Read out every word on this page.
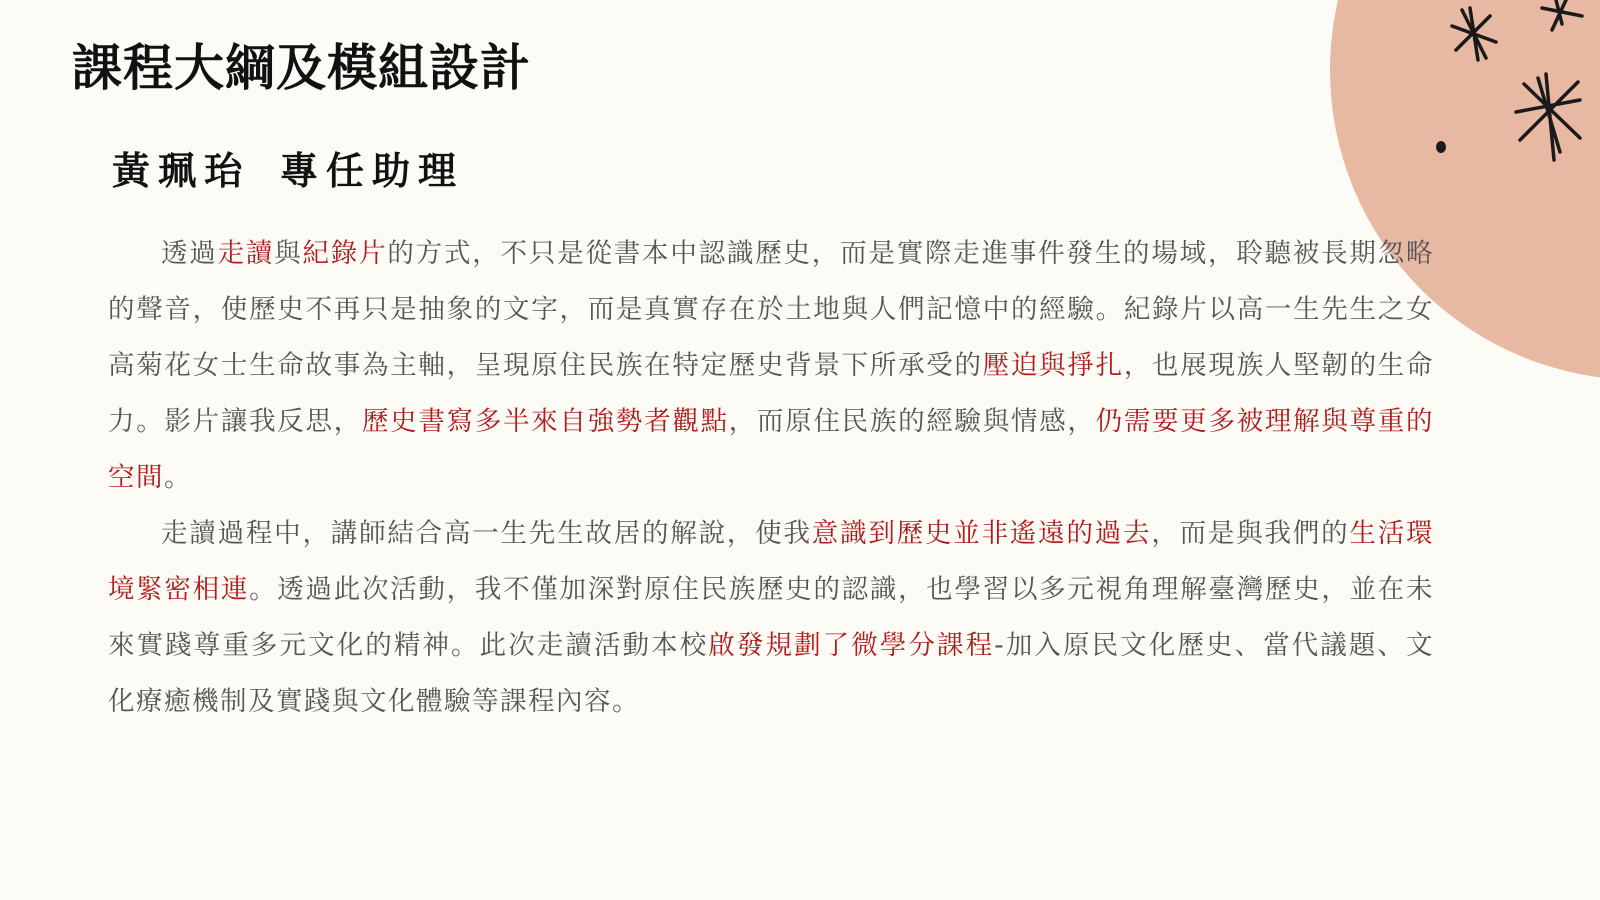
課程大綱及模組設計
黃珮珆 專任助理

透過走讀與紀錄片的方式，不只是從書本中認識歷史，而是實際走進事件發生的場域，聆聽被長期忽略的聲音，使歷史不再只是抽象的文字，而是真實存在於土地與人們記憶中的經驗。紀錄片以高一生先生之女高菊花女士生命故事為主軸，呈現原住民族在特定歷史背景下所承受的壓迫與掙扎，也展現族人堅韌的生命力。影片讓我反思，歷史書寫多半來自強勢者觀點，而原住民族的經驗與情感，仍需要更多被理解與尊重的空間。

走讀過程中，講師結合高一生先生故居的解說，使我意識到歷史並非遙遠的過去，而是與我們的生活環境緊密相連。透過此次活動，我不僅加深對原住民族歷史的認識，也學習以多元視角理解臺灣歷史，並在未來實踐尊重多元文化的精神。此次走讀活動本校啟發規劃了微學分課程-加入原民文化歷史、當代議題、文化療癒機制及實踐與文化體驗等課程內容。
